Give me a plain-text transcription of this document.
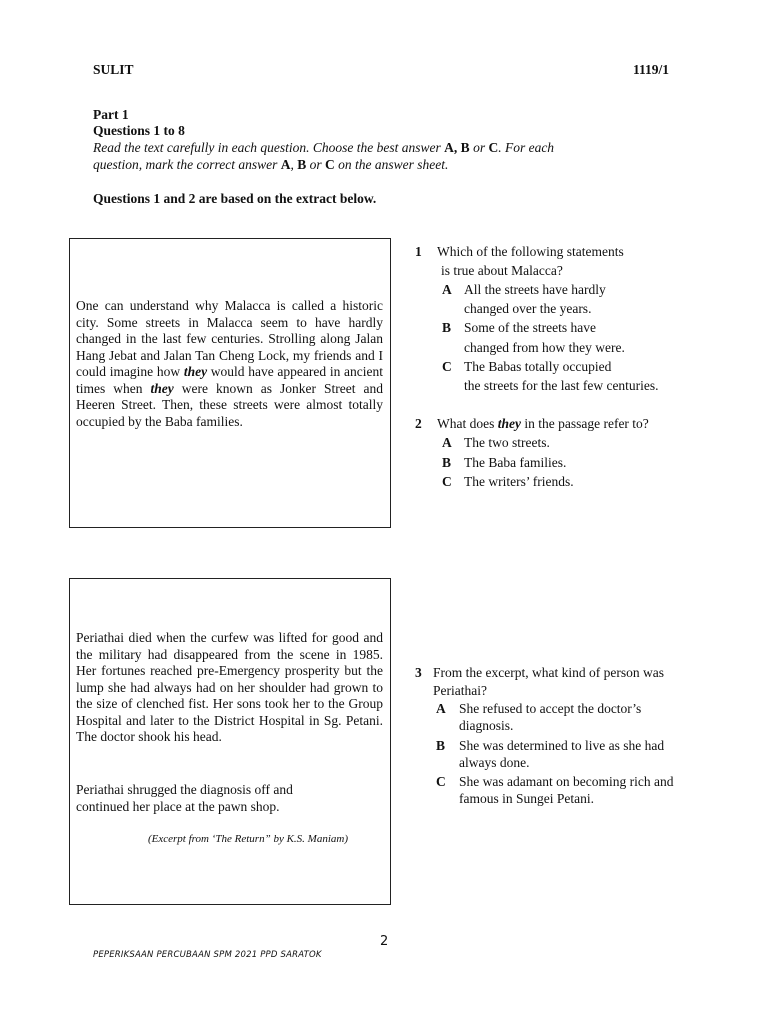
SULIT	1119/1
Part 1
Questions 1 to 8
Read the text carefully in each question. Choose the best answer A, B or C. For each
question, mark the correct answer A, B or C on the answer sheet.
Questions 1 and 2 are based on the extract below.
One can understand why Malacca is called a historic city. Some streets in Malacca seem to have hardly changed in the last few centuries. Strolling along Jalan Hang Jebat and Jalan Tan Cheng Lock, my friends and I could imagine how they would have appeared in ancient times when they were known as Jonker Street and Heeren Street. Then, these streets were almost totally occupied by the Baba families.
1 Which of the following statements
is true about Malacca?
A All the streets have hardly
changed over the years.
B Some of the streets have
changed from how they were.
C The Babas totally occupied
the streets for the last few centuries.
2 What does they in the passage refer to?
A The two streets.
B The Baba families.
C The writers’ friends.
Periathai died when the curfew was lifted for good and the military had disappeared from the scene in 1985. Her fortunes reached pre-Emergency prosperity but the lump she had always had on her shoulder had grown to the size of clenched fist. Her sons took her to the Group Hospital and later to the District Hospital in Sg. Petani. The doctor shook his head.
Periathai shrugged the diagnosis off and
continued her place at the pawn shop.
(Excerpt from ‘The Return” by K.S. Maniam)
3 From the excerpt, what kind of person was
Periathai?
A She refused to accept the doctor’s
diagnosis.
B She was determined to live as she had
always done.
C She was adamant on becoming rich and
famous in Sungei Petani.
2
PEPERIKSAAN PERCUBAAN SPM 2021 PPD SARATOK
